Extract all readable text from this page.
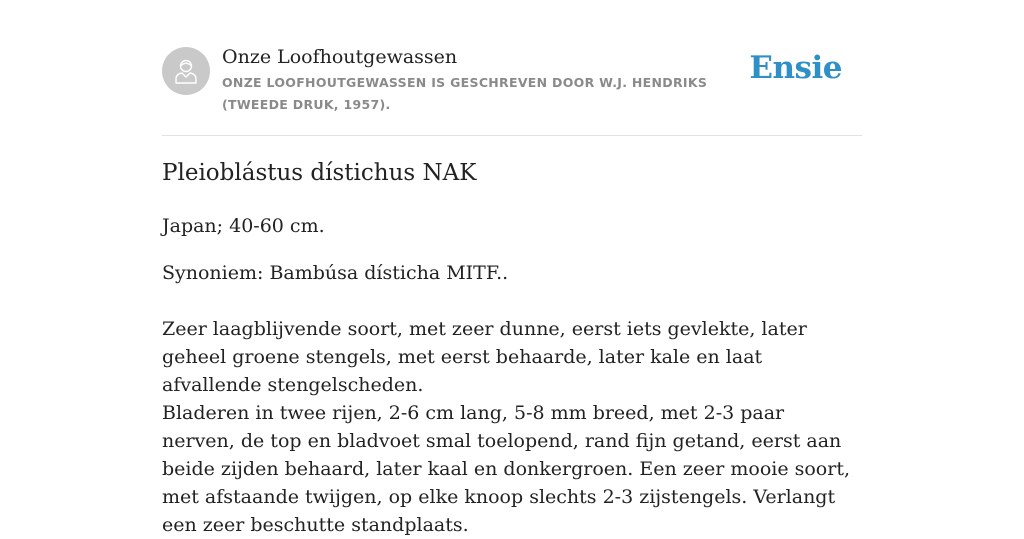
Onze Loofhoutgewassen
ONZE LOOFHOUTGEWASSEN IS GESCHREVEN DOOR W.J. HENDRIKS (TWEEDE DRUK, 1957).
Ensie
Pleioblástus dístichus NAK

Japan; 40-60 cm.

Synoniem: Bambúsa dísticha MITF..

Zeer laagblijvende soort, met zeer dunne, eerst iets gevlekte, later geheel groene stengels, met eerst behaarde, later kale en laat afvallende stengelscheden.

Bladeren in twee rijen, 2-6 cm lang, 5-8 mm breed, met 2-3 paar nerven, de top en bladvoet smal toelopend, rand fijn getand, eerst aan beide zijden behaard, later kaal en donkergroen. Een zeer mooie soort, met afstaande twijgen, op elke knoop slechts 2-3 zijstengels. Verlangt een zeer beschutte standplaats.
